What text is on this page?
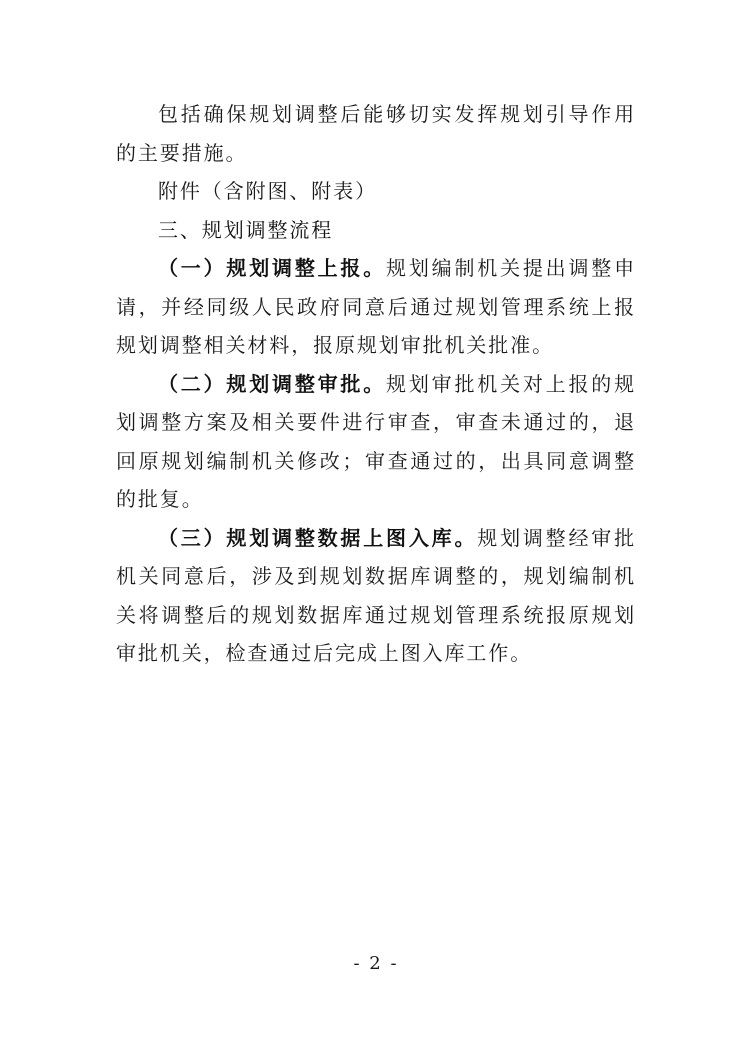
包括确保规划调整后能够切实发挥规划引导作用的主要措施。

附件（含附图、附表）

三、规划调整流程

（一）规划调整上报。规划编制机关提出调整申请，并经同级人民政府同意后通过规划管理系统上报规划调整相关材料，报原规划审批机关批准。

（二）规划调整审批。规划审批机关对上报的规划调整方案及相关要件进行审查，审查未通过的，退回原规划编制机关修改；审查通过的，出具同意调整的批复。

（三）规划调整数据上图入库。规划调整经审批机关同意后，涉及到规划数据库调整的，规划编制机关将调整后的规划数据库通过规划管理系统报原规划审批机关，检查通过后完成上图入库工作。

- 2 -
